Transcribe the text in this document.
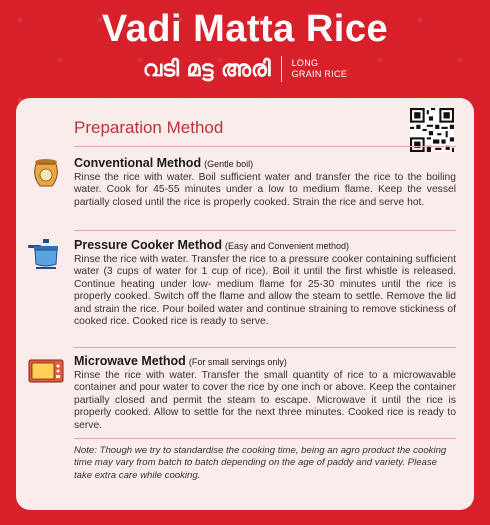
Vadi Matta Rice
വടി മട്ട അരി LONG
GRAIN RICE
Preparation Method
Conventional Method (Gentle boil)
Rinse the rice with water. Boil sufficient water and transfer the rice to the boiling water. Cook for 45-55 minutes under a low to medium flame. Keep the vessel partially closed until the rice is properly cooked. Strain the rice and serve hot.
Pressure Cooker Method (Easy and Convenient method)
Rinse the rice with water. Transfer the rice to a pressure cooker containing sufficient water (3 cups of water for 1 cup of rice). Boil it until the first whistle is released. Continue heating under low- medium flame for 25-30 minutes until the rice is properly cooked. Switch off the flame and allow the steam to settle. Remove the lid and strain the rice. Pour boiled water and continue straining to remove stickiness of cooked rice. Cooked rice is ready to serve.
Microwave Method (For small servings only)
Rinse the rice with water. Transfer the small quantity of rice to a microwavable container and pour water to cover the rice by one inch or above. Keep the container partially closed and permit the steam to escape. Microwave it until the rice is properly cooked. Allow to settle for the next three minutes. Cooked rice is ready to serve.
Note: Though we try to standardise the cooking time, being an agro product the cooking time may vary from batch to batch depending on the age of paddy and variety. Please take extra care while cooking.
